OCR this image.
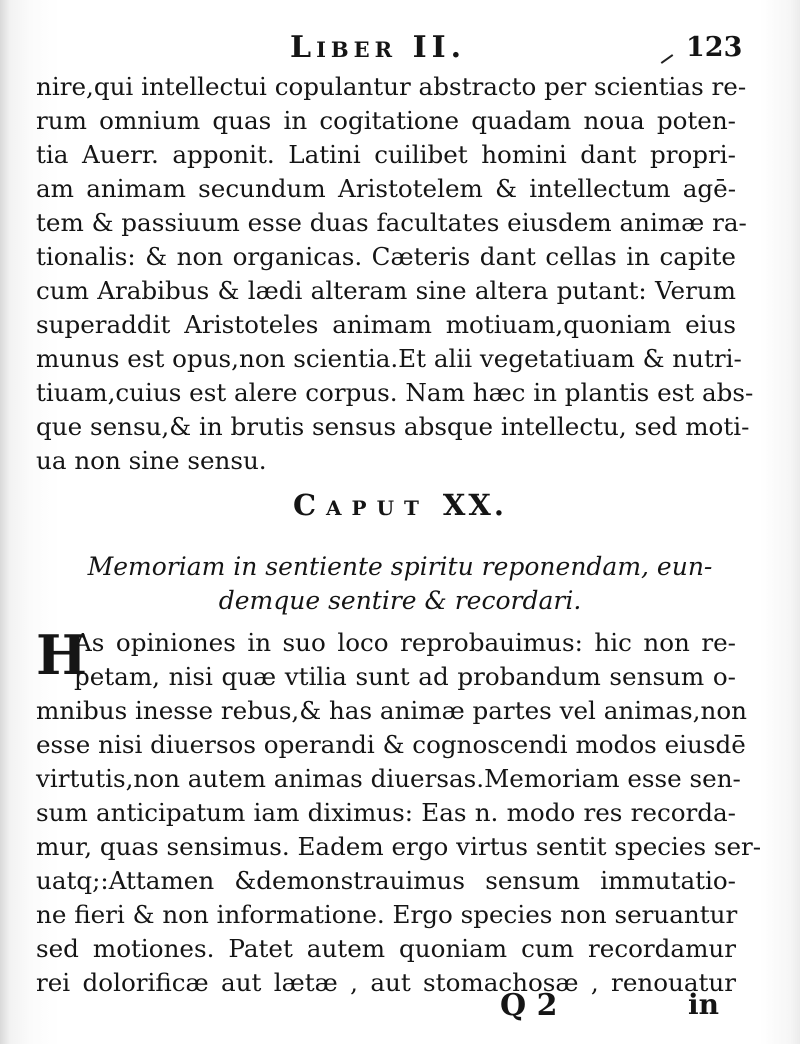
Liber II.	123
nire,qui intellectui copulantur abstracto per scientias re-
rum omnium quas in cogitatione quadam noua poten-
tia Auerr. apponit. Latini cuilibet homini dant propri-
am animam secundum Aristotelem & intellectum agē-
tem & passiuum esse duas facultates eiusdem animæ ra-
tionalis: & non organicas. Cæteris dant cellas in capite
cum Arabibus & lædi alteram sine altera putant: Verum
superaddit Aristoteles animam motiuam,quoniam eius
munus est opus,non scientia.Et alii vegetatiuam & nutri-
tiuam,cuius est alere corpus. Nam hæc in plantis est abs-
que sensu,& in brutis sensus absque intellectu, sed moti-
ua non sine sensu.
Caput XX.
Memoriam in sentiente spiritu reponendam, eun-
demque sentire & recordari.
H
As opiniones in suo loco reprobauimus: hic non re-
petam, nisi quæ vtilia sunt ad probandum sensum o-
mnibus inesse rebus,& has animæ partes vel animas,non
esse nisi diuersos operandi & cognoscendi modos eiusdē
virtutis,non autem animas diuersas.Memoriam esse sen-
sum anticipatum iam diximus: Eas n. modo res recorda-
mur, quas sensimus. Eadem ergo virtus sentit species ser-
uatq;:Attamen &demonstrauimus sensum immutatio-
ne fieri & non informatione. Ergo species non seruantur
sed motiones. Patet autem quoniam cum recordamur
rei dolorificæ aut lætæ , aut stomachosæ , renouatur
Q 2	in
